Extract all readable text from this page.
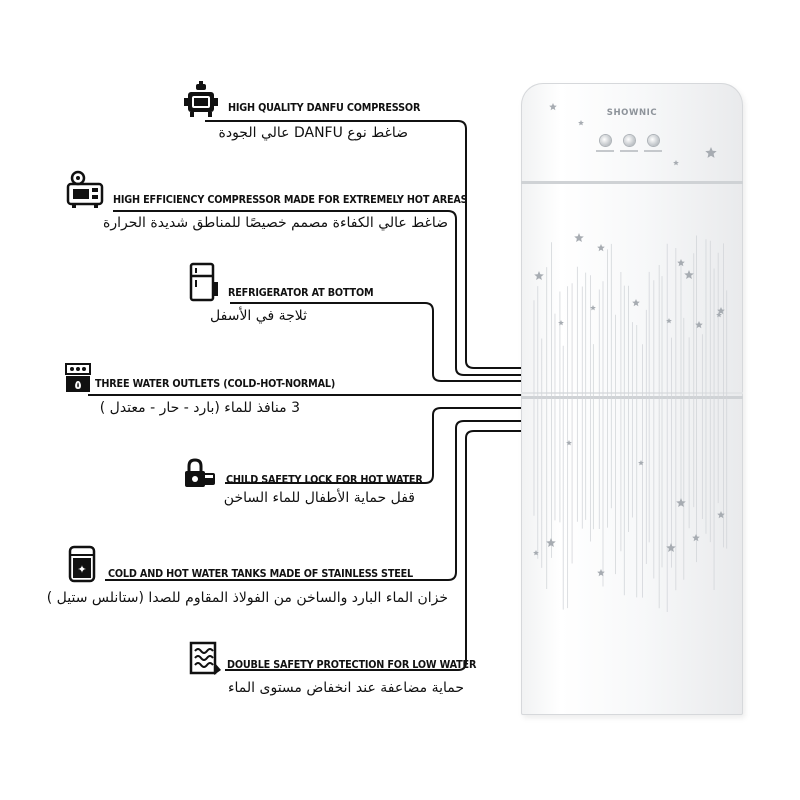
٥
✦
HIGH QUALITY DANFU COMPRESSOR
ضاغط نوع DANFU عالي الجودة
HIGH EFFICIENCY COMPRESSOR MADE FOR EXTREMELY HOT AREAS
ضاغط عالي الكفاءة مصمم خصيصًا للمناطق شديدة الحرارة
REFRIGERATOR AT BOTTOM
ثلاجة في الأسفل
THREE WATER OUTLETS (COLD-HOT-NORMAL)
3 منافذ للماء (بارد - حار - معتدل )
CHILD SAFETY LOCK FOR HOT WATER
قفل حماية الأطفال للماء الساخن
COLD AND HOT WATER TANKS MADE OF STAINLESS STEEL
خزان الماء البارد والساخن من الفولاذ المقاوم للصدا (ستانلس ستيل )
DOUBLE SAFETY PROTECTION FOR LOW WATER
حماية مضاعفة عند انخفاض مستوى الماء
SHOWNIC
